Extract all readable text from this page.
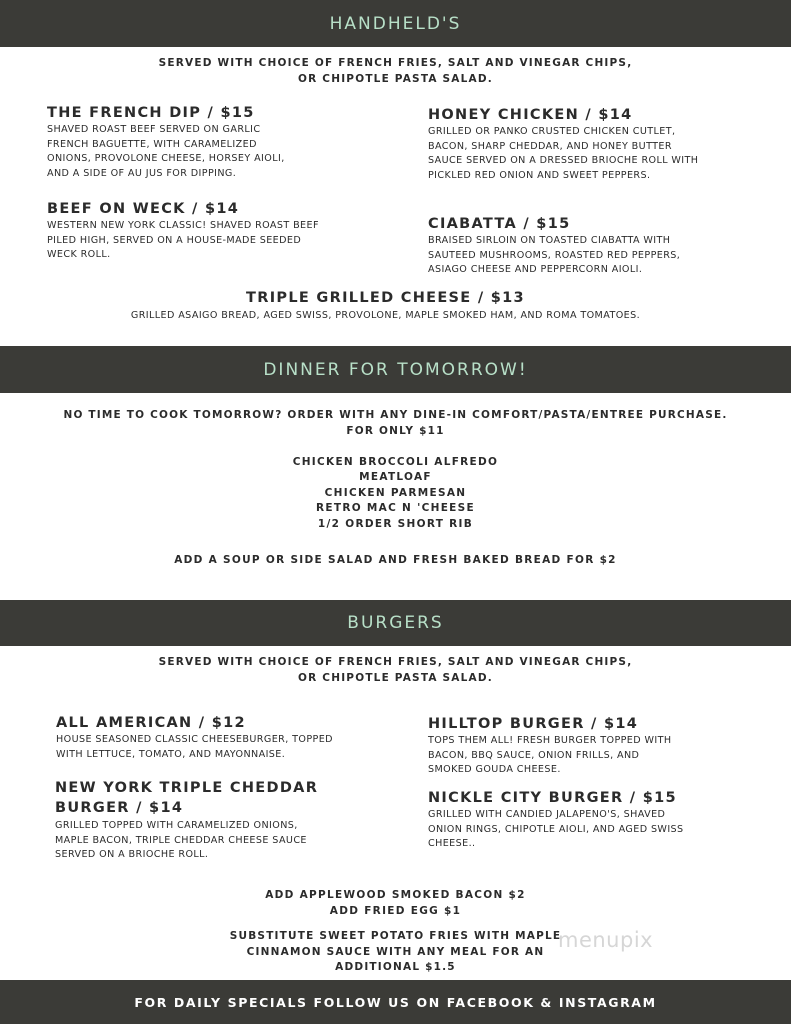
HANDHELD'S
SERVED WITH CHOICE OF FRENCH FRIES, SALT AND VINEGAR CHIPS,
OR CHIPOTLE PASTA SALAD.
THE FRENCH DIP / $15
SHAVED ROAST BEEF SERVED ON GARLIC
FRENCH BAGUETTE, WITH CARAMELIZED
ONIONS, PROVOLONE CHEESE, HORSEY AIOLI,
AND A SIDE OF AU JUS FOR DIPPING.
HONEY CHICKEN / $14
GRILLED OR PANKO CRUSTED CHICKEN CUTLET,
BACON, SHARP CHEDDAR, AND HONEY BUTTER
SAUCE SERVED ON A DRESSED BRIOCHE ROLL WITH
PICKLED RED ONION AND SWEET PEPPERS.
BEEF ON WECK / $14
WESTERN NEW YORK CLASSIC! SHAVED ROAST BEEF
PILED HIGH, SERVED ON A HOUSE-MADE SEEDED
WECK ROLL.
CIABATTA / $15
BRAISED SIRLOIN ON TOASTED CIABATTA WITH
SAUTEED MUSHROOMS, ROASTED RED PEPPERS,
ASIAGO CHEESE AND PEPPERCORN AIOLI.
TRIPLE GRILLED CHEESE / $13
GRILLED ASAIGO BREAD, AGED SWISS, PROVOLONE, MAPLE SMOKED HAM, AND ROMA TOMATOES.
DINNER FOR TOMORROW!
NO TIME TO COOK TOMORROW? ORDER WITH ANY DINE-IN COMFORT/PASTA/ENTREE PURCHASE.
FOR ONLY $11
CHICKEN BROCCOLI ALFREDO
MEATLOAF
CHICKEN PARMESAN
RETRO MAC N 'CHEESE
1/2 ORDER SHORT RIB
ADD A SOUP OR SIDE SALAD AND FRESH BAKED BREAD FOR $2
BURGERS
SERVED WITH CHOICE OF FRENCH FRIES, SALT AND VINEGAR CHIPS,
OR CHIPOTLE PASTA SALAD.
ALL AMERICAN / $12
HOUSE SEASONED CLASSIC CHEESEBURGER, TOPPED
WITH LETTUCE, TOMATO, AND MAYONNAISE.
HILLTOP BURGER / $14
TOPS THEM ALL! FRESH BURGER TOPPED WITH
BACON, BBQ SAUCE, ONION FRILLS, AND
SMOKED GOUDA CHEESE.
NEW YORK TRIPLE CHEDDAR
BURGER / $14
GRILLED TOPPED WITH CARAMELIZED ONIONS,
MAPLE BACON, TRIPLE CHEDDAR CHEESE SAUCE
SERVED ON A BRIOCHE ROLL.
NICKLE CITY BURGER / $15
GRILLED WITH CANDIED JALAPENO'S, SHAVED
ONION RINGS, CHIPOTLE AIOLI, AND AGED SWISS
CHEESE..
ADD APPLEWOOD SMOKED BACON $2
ADD FRIED EGG $1
SUBSTITUTE SWEET POTATO FRIES WITH MAPLE
CINNAMON SAUCE WITH ANY MEAL FOR AN
ADDITIONAL $1.5
menupix
FOR DAILY SPECIALS FOLLOW US ON FACEBOOK & INSTAGRAM
